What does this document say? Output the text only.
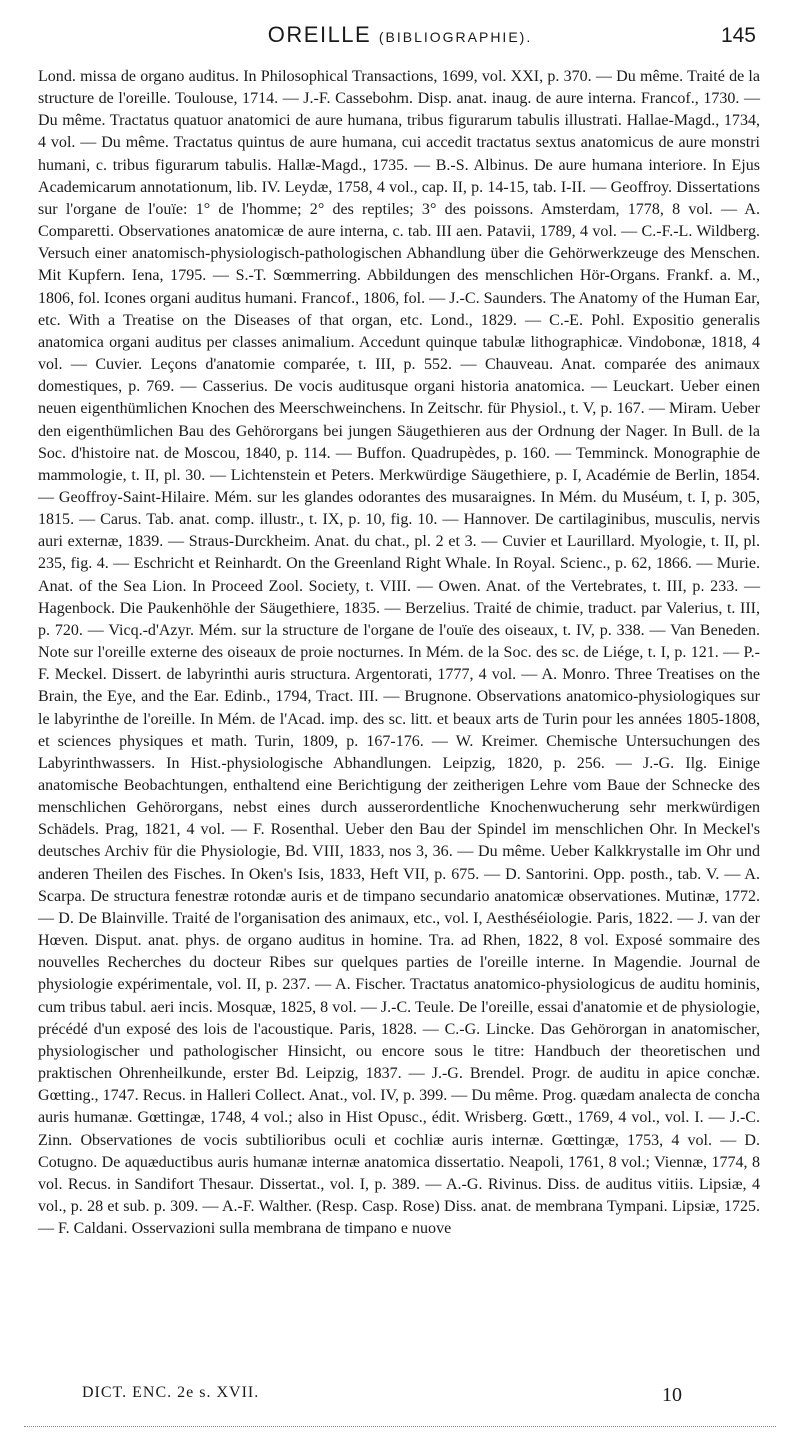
OREILLE (BIBLIOGRAPHIE).	145

Lond. missa de organo auditus. In Philosophical Transactions, 1699, vol. XXI, p. 370. — Du même. Traité de la structure de l'oreille. Toulouse, 1714. — J.-F. Cassebohm. Disp. anat. inaug. de aure interna. Francof., 1730. — Du même. Tractatus quatuor anatomici de aure humana, tribus figurarum tabulis illustrati. Hallae-Magd., 1734, 4 vol. — Du même. Tractatus quintus de aure humana, cui accedit tractatus sextus anatomicus de aure monstri humani, c. tribus figurarum tabulis. Hallæ-Magd., 1735. — B.-S. Albinus. De aure humana interiore. In Ejus Academicarum annotationum, lib. IV. Leydæ, 1758, 4 vol., cap. II, p. 14-15, tab. I-II. — Geoffroy. Dissertations sur l'organe de l'ouïe: 1° de l'homme; 2° des reptiles; 3° des poissons. Amsterdam, 1778, 8 vol. — A. Comparetti. Observationes anatomicæ de aure interna, c. tab. III aen. Patavii, 1789, 4 vol. — C.-F.-L. Wildberg. Versuch einer anatomisch-physiologisch-pathologischen Abhandlung über die Gehörwerkzeuge des Menschen. Mit Kupfern. Iena, 1795. — S.-T. Sœmmerring. Abbildungen des menschlichen Hör-Organs. Frankf. a. M., 1806, fol. Icones organi auditus humani. Francof., 1806, fol. — J.-C. Saunders. The Anatomy of the Human Ear, etc. With a Treatise on the Diseases of that organ, etc. Lond., 1829. — C.-E. Pohl. Expositio generalis anatomica organi auditus per classes animalium. Accedunt quinque tabulæ lithographicæ. Vindobonæ, 1818, 4 vol. — Cuvier. Leçons d'anatomie comparée, t. III, p. 552. — Chauveau. Anat. comparée des animaux domestiques, p. 769. — Casserius. De vocis auditusque organi historia anatomica. — Leuckart. Ueber einen neuen eigenthümlichen Knochen des Meerschweinchens. In Zeitschr. für Physiol., t. V, p. 167. — Miram. Ueber den eigenthümlichen Bau des Gehörorgans bei jungen Säugethieren aus der Ordnung der Nager. In Bull. de la Soc. d'histoire nat. de Moscou, 1840, p. 114. — Buffon. Quadrupèdes, p. 160. — Temminck. Monographie de mammologie, t. II, pl. 30. — Lichtenstein et Peters. Merkwürdige Säugethiere, p. I, Académie de Berlin, 1854. — Geoffroy-Saint-Hilaire. Mém. sur les glandes odorantes des musaraignes. In Mém. du Muséum, t. I, p. 305, 1815. — Carus. Tab. anat. comp. illustr., t. IX, p. 10, fig. 10. — Hannover. De cartilaginibus, musculis, nervis auri externæ, 1839. — Straus-Durckheim. Anat. du chat., pl. 2 et 3. — Cuvier et Laurillard. Myologie, t. II, pl. 235, fig. 4. — Eschricht et Reinhardt. On the Greenland Right Whale. In Royal. Scienc., p. 62, 1866. — Murie. Anat. of the Sea Lion. In Proceed Zool. Society, t. VIII. — Owen. Anat. of the Vertebrates, t. III, p. 233. — Hagenbock. Die Paukenhöhle der Säugethiere, 1835. — Berzelius. Traité de chimie, traduct. par Valerius, t. III, p. 720. — Vicq.-d'Azyr. Mém. sur la structure de l'organe de l'ouïe des oiseaux, t. IV, p. 338. — Van Beneden. Note sur l'oreille externe des oiseaux de proie nocturnes. In Mém. de la Soc. des sc. de Liége, t. I, p. 121. — P.-F. Meckel. Dissert. de labyrinthi auris structura. Argentorati, 1777, 4 vol. — A. Monro. Three Treatises on the Brain, the Eye, and the Ear. Edinb., 1794, Tract. III. — Brugnone. Observations anatomico-physiologiques sur le labyrinthe de l'oreille. In Mém. de l'Acad. imp. des sc. litt. et beaux arts de Turin pour les années 1805-1808, et sciences physiques et math. Turin, 1809, p. 167-176. — W. Kreimer. Chemische Untersuchungen des Labyrinthwassers. In Hist.-physiologische Abhandlungen. Leipzig, 1820, p. 256. — J.-G. Ilg. Einige anatomische Beobachtungen, enthaltend eine Berichtigung der zeitherigen Lehre vom Baue der Schnecke des menschlichen Gehörorgans, nebst eines durch ausserordentliche Knochenwucherung sehr merkwürdigen Schädels. Prag, 1821, 4 vol. — F. Rosenthal. Ueber den Bau der Spindel im menschlichen Ohr. In Meckel's deutsches Archiv für die Physiologie, Bd. VIII, 1833, nos 3, 36. — Du même. Ueber Kalkkrystalle im Ohr und anderen Theilen des Fisches. In Oken's Isis, 1833, Heft VII, p. 675. — D. Santorini. Opp. posth., tab. V. — A. Scarpa. De structura fenestræ rotondæ auris et de timpano secundario anatomicæ observationes. Mutinæ, 1772. — D. De Blainville. Traité de l'organisation des animaux, etc., vol. I, Aesthéséiologie. Paris, 1822. — J. van der Hœven. Disput. anat. phys. de organo auditus in homine. Tra. ad Rhen, 1822, 8 vol. Exposé sommaire des nouvelles Recherches du docteur Ribes sur quelques parties de l'oreille interne. In Magendie. Journal de physiologie expérimentale, vol. II, p. 237. — A. Fischer. Tractatus anatomico-physiologicus de auditu hominis, cum tribus tabul. aeri incis. Mosquæ, 1825, 8 vol. — J.-C. Teule. De l'oreille, essai d'anatomie et de physiologie, précédé d'un exposé des lois de l'acoustique. Paris, 1828. — C.-G. Lincke. Das Gehörorgan in anatomischer, physiologischer und pathologischer Hinsicht, ou encore sous le titre: Handbuch der theoretischen und praktischen Ohrenheilkunde, erster Bd. Leipzig, 1837. — J.-G. Brendel. Progr. de auditu in apice conchæ. Gœtting., 1747. Recus. in Halleri Collect. Anat., vol. IV, p. 399. — Du même. Prog. quædam analecta de concha auris humanæ. Gœttingæ, 1748, 4 vol.; also in Hist Opusc., édit. Wrisberg. Gœtt., 1769, 4 vol., vol. I. — J.-C. Zinn. Observationes de vocis subtilioribus oculi et cochliæ auris internæ. Gœttingæ, 1753, 4 vol. — D. Cotugno. De aquæductibus auris humanæ internæ anatomica dissertatio. Neapoli, 1761, 8 vol.; Viennæ, 1774, 8 vol. Recus. in Sandifort Thesaur. Dissertat., vol. I, p. 389. — A.-G. Rivinus. Diss. de auditus vitiis. Lipsiæ, 4 vol., p. 28 et sub. p. 309. — A.-F. Walther. (Resp. Casp. Rose) Diss. anat. de membrana Tympani. Lipsiæ, 1725. — F. Caldani. Osservazioni sulla membrana de timpano e nuove

DICT. ENC. 2e s. XVII.	10
